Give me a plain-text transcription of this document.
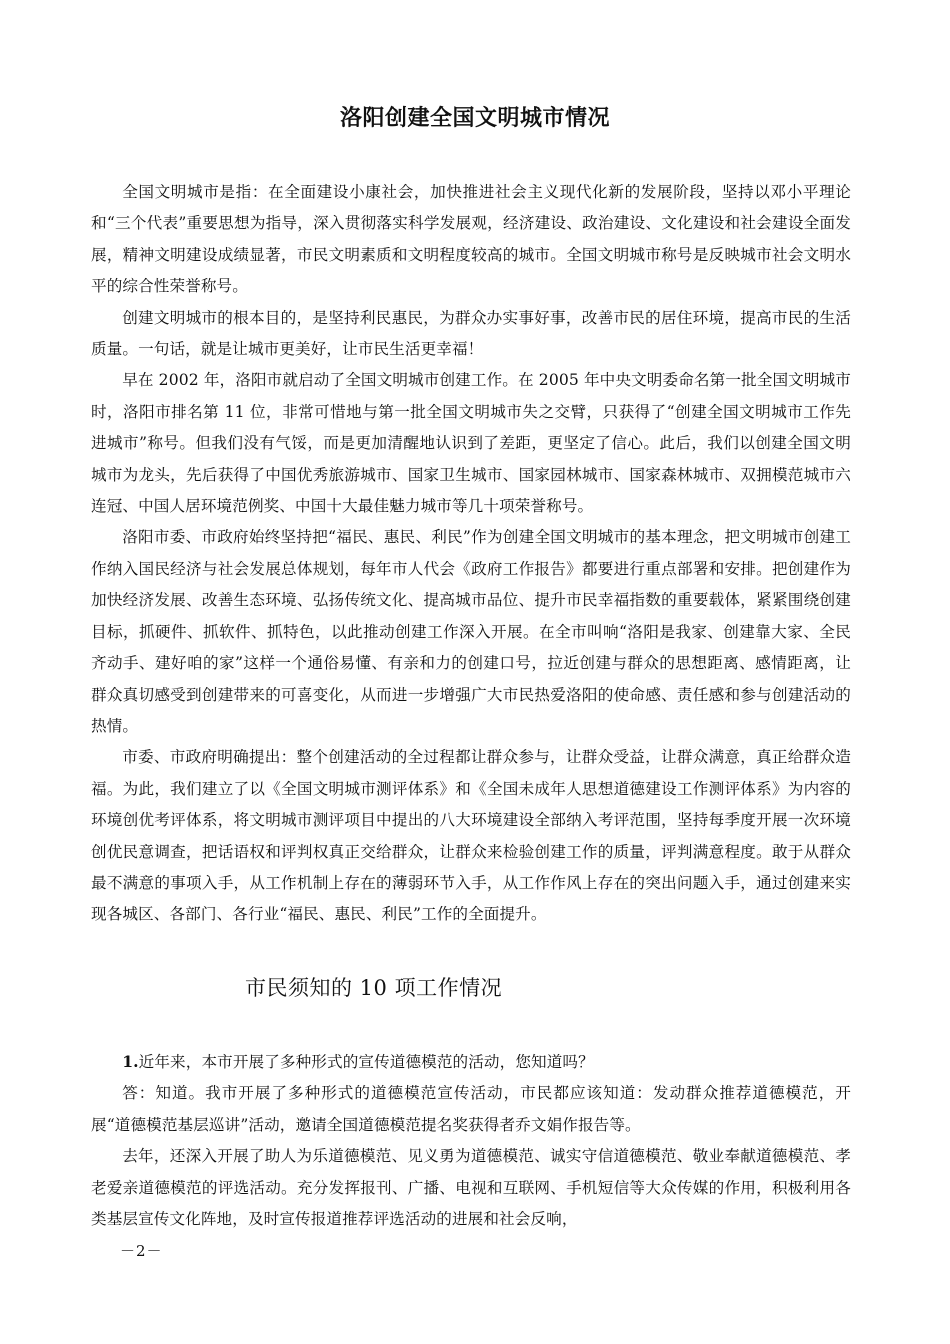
洛阳创建全国文明城市情况

全国文明城市是指：在全面建设小康社会，加快推进社会主义现代化新的发展阶段，坚持以邓小平理论和“三个代表”重要思想为指导，深入贯彻落实科学发展观，经济建设、政治建设、文化建设和社会建设全面发展，精神文明建设成绩显著，市民文明素质和文明程度较高的城市。全国文明城市称号是反映城市社会文明水平的综合性荣誉称号。

创建文明城市的根本目的，是坚持利民惠民，为群众办实事好事，改善市民的居住环境，提高市民的生活质量。一句话，就是让城市更美好，让市民生活更幸福！

早在 2002 年，洛阳市就启动了全国文明城市创建工作。在 2005 年中央文明委命名第一批全国文明城市时，洛阳市排名第 11 位，非常可惜地与第一批全国文明城市失之交臂，只获得了“创建全国文明城市工作先进城市”称号。但我们没有气馁，而是更加清醒地认识到了差距，更坚定了信心。此后，我们以创建全国文明城市为龙头，先后获得了中国优秀旅游城市、国家卫生城市、国家园林城市、国家森林城市、双拥模范城市六连冠、中国人居环境范例奖、中国十大最佳魅力城市等几十项荣誉称号。

洛阳市委、市政府始终坚持把“福民、惠民、利民”作为创建全国文明城市的基本理念，把文明城市创建工作纳入国民经济与社会发展总体规划，每年市人代会《政府工作报告》都要进行重点部署和安排。把创建作为加快经济发展、改善生态环境、弘扬传统文化、提高城市品位、提升市民幸福指数的重要载体，紧紧围绕创建目标，抓硬件、抓软件、抓特色，以此推动创建工作深入开展。在全市叫响“洛阳是我家、创建靠大家、全民齐动手、建好咱的家”这样一个通俗易懂、有亲和力的创建口号，拉近创建与群众的思想距离、感情距离，让群众真切感受到创建带来的可喜变化，从而进一步增强广大市民热爱洛阳的使命感、责任感和参与创建活动的热情。

市委、市政府明确提出：整个创建活动的全过程都让群众参与，让群众受益，让群众满意，真正给群众造福。为此，我们建立了以《全国文明城市测评体系》和《全国未成年人思想道德建设工作测评体系》为内容的环境创优考评体系，将文明城市测评项目中提出的八大环境建设全部纳入考评范围，坚持每季度开展一次环境创优民意调查，把话语权和评判权真正交给群众，让群众来检验创建工作的质量，评判满意程度。敢于从群众最不满意的事项入手，从工作机制上存在的薄弱环节入手，从工作作风上存在的突出问题入手，通过创建来实现各城区、各部门、各行业“福民、惠民、利民”工作的全面提升。

市民须知的 10 项工作情况

1.近年来，本市开展了多种形式的宣传道德模范的活动，您知道吗？

答：知道。我市开展了多种形式的道德模范宣传活动，市民都应该知道：发动群众推荐道德模范，开展“道德模范基层巡讲”活动，邀请全国道德模范提名奖获得者乔文娟作报告等。

去年，还深入开展了助人为乐道德模范、见义勇为道德模范、诚实守信道德模范、敬业奉献道德模范、孝老爱亲道德模范的评选活动。充分发挥报刊、广播、电视和互联网、手机短信等大众传媒的作用，积极利用各类基层宣传文化阵地，及时宣传报道推荐评选活动的进展和社会反响，

－2－
